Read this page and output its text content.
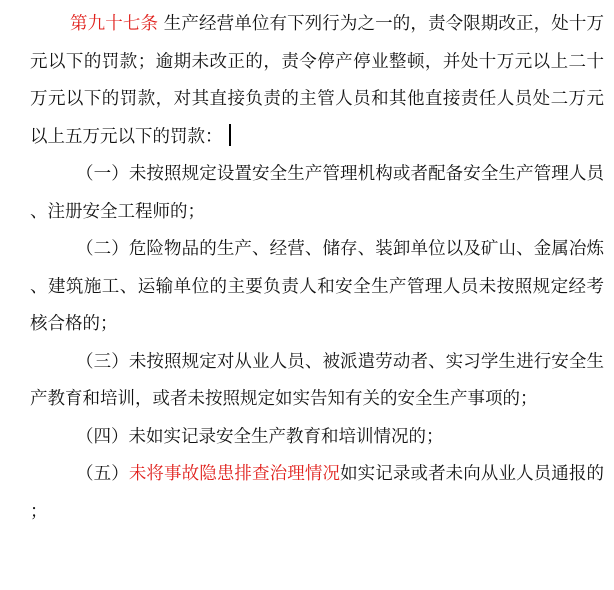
第九十七条 生产经营单位有下列行为之一的，责令限期改正，处十万元以下的罚款；逾期未改正的，责令停产停业整顿，并处十万元以上二十万元以下的罚款，对其直接负责的主管人员和其他直接责任人员处二万元以上五万元以下的罚款：

（一）未按照规定设置安全生产管理机构或者配备安全生产管理人员、注册安全工程师的；

（二）危险物品的生产、经营、储存、装卸单位以及矿山、金属冶炼、建筑施工、运输单位的主要负责人和安全生产管理人员未按照规定经考核合格的；

（三）未按照规定对从业人员、被派遣劳动者、实习学生进行安全生产教育和培训，或者未按照规定如实告知有关的安全生产事项的；

（四）未如实记录安全生产教育和培训情况的；

（五）未将事故隐患排查治理情况如实记录或者未向从业人员通报的；
